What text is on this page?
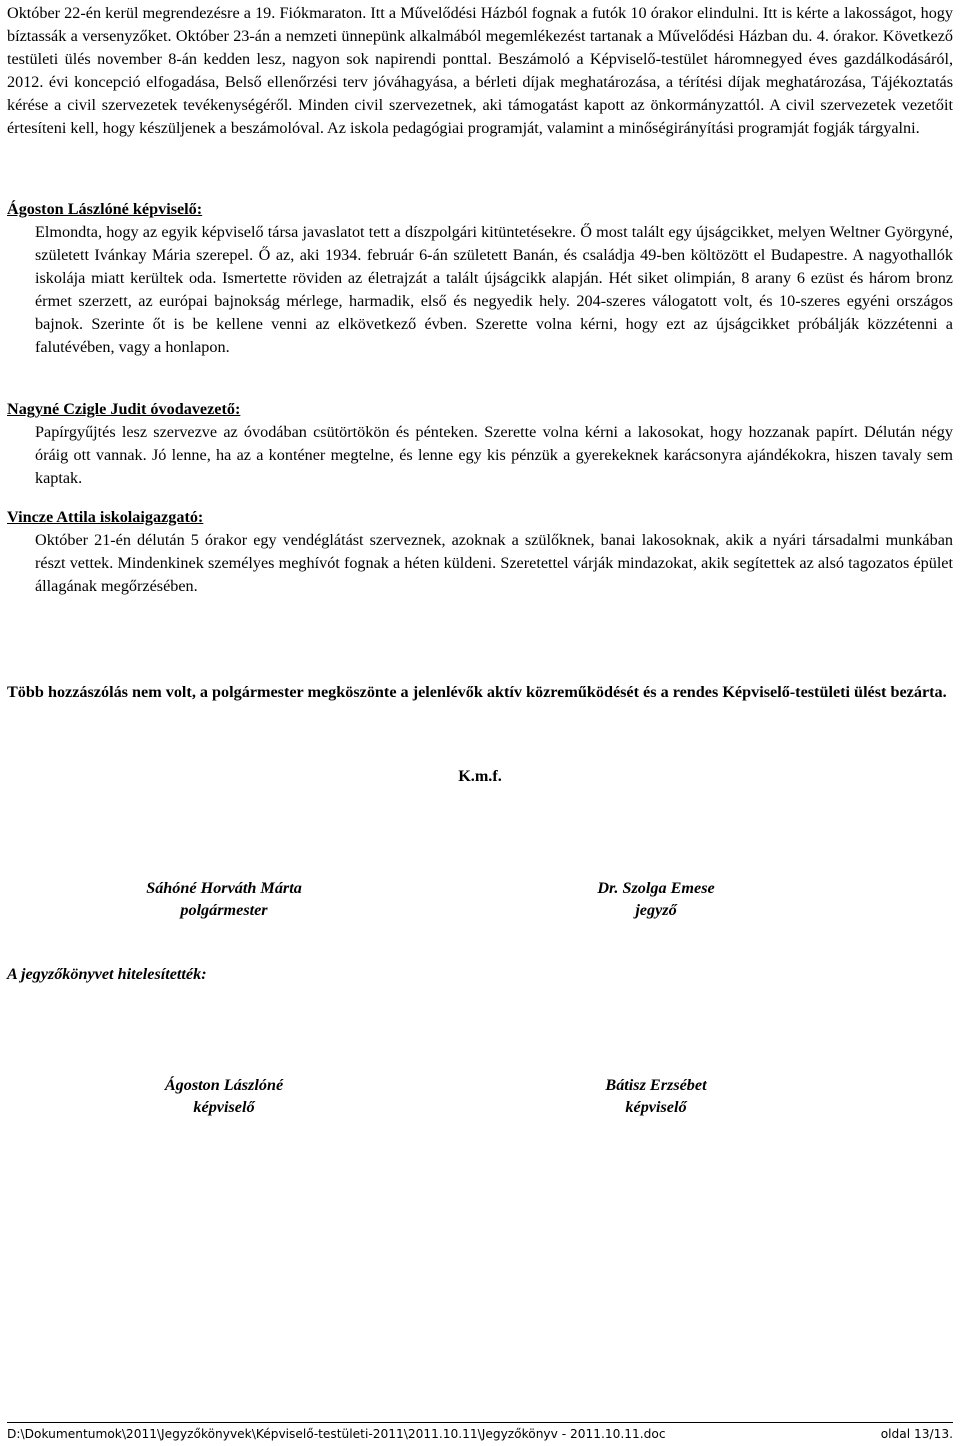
Október 22-én kerül megrendezésre a 19. Fiókmaraton. Itt a Művelődési Házból fognak a futók 10 órakor elindulni. Itt is kérte a lakosságot, hogy bíztassák a versenyzőket. Október 23-án a nemzeti ünnepünk alkalmából megemlékezést tartanak a Művelődési Házban du. 4. órakor. Következő testületi ülés november 8-án kedden lesz, nagyon sok napirendi ponttal. Beszámoló a Képviselő-testület háromnegyed éves gazdálkodásáról, 2012. évi koncepció elfogadása, Belső ellenőrzési terv jóváhagyása, a bérleti díjak meghatározása, a térítési díjak meghatározása, Tájékoztatás kérése a civil szervezetek tevékenységéről. Minden civil szervezetnek, aki támogatást kapott az önkormányzattól. A civil szervezetek vezetőit értesíteni kell, hogy készüljenek a beszámolóval. Az iskola pedagógiai programját, valamint a minőségirányítási programját fogják tárgyalni.

Ágoston Lászlóné képviselő:

Elmondta, hogy az egyik képviselő társa javaslatot tett a díszpolgári kitüntetésekre. Ő most talált egy újságcikket, melyen Weltner Györgyné, született Ivánkay Mária szerepel. Ő az, aki 1934. február 6-án született Banán, és családja 49-ben költözött el Budapestre. A nagyothallók iskolája miatt kerültek oda. Ismertette röviden az életrajzát a talált újságcikk alapján. Hét siket olimpián, 8 arany 6 ezüst és három bronz érmet szerzett, az európai bajnokság mérlege, harmadik, első és negyedik hely. 204-szeres válogatott volt, és 10-szeres egyéni országos bajnok. Szerinte őt is be kellene venni az elkövetkező évben. Szerette volna kérni, hogy ezt az újságcikket próbálják közzétenni a falutévében, vagy a honlapon.

Nagyné Czigle Judit óvodavezető:

Papírgyűjtés lesz szervezve az óvodában csütörtökön és pénteken. Szerette volna kérni a lakosokat, hogy hozzanak papírt. Délután négy óráig ott vannak. Jó lenne, ha az a konténer megtelne, és lenne egy kis pénzük a gyerekeknek karácsonyra ajándékokra, hiszen tavaly sem kaptak.

Vincze Attila iskolaigazgató:

Október 21-én délután 5 órakor egy vendéglátást szerveznek, azoknak a szülőknek, banai lakosoknak, akik a nyári társadalmi munkában részt vettek. Mindenkinek személyes meghívót fognak a héten küldeni. Szeretettel várják mindazokat, akik segítettek az alsó tagozatos épület állagának megőrzésében.

Több hozzászólás nem volt, a polgármester megköszönte a jelenlévők aktív közreműködését és a rendes Képviselő-testületi ülést bezárta.

K.m.f.

Sáhóné Horváth Márta
polgármester
Dr. Szolga Emese
jegyző

A jegyzőkönyvet hitelesítették:

Ágoston Lászlóné
képviselő
Bátisz Erzsébet
képviselő
D:\Dokumentumok\2011\Jegyzőkönyvek\Képviselő-testületi-2011\2011.10.11\Jegyzőkönyv - 2011.10.11.doc	oldal 13/13.
